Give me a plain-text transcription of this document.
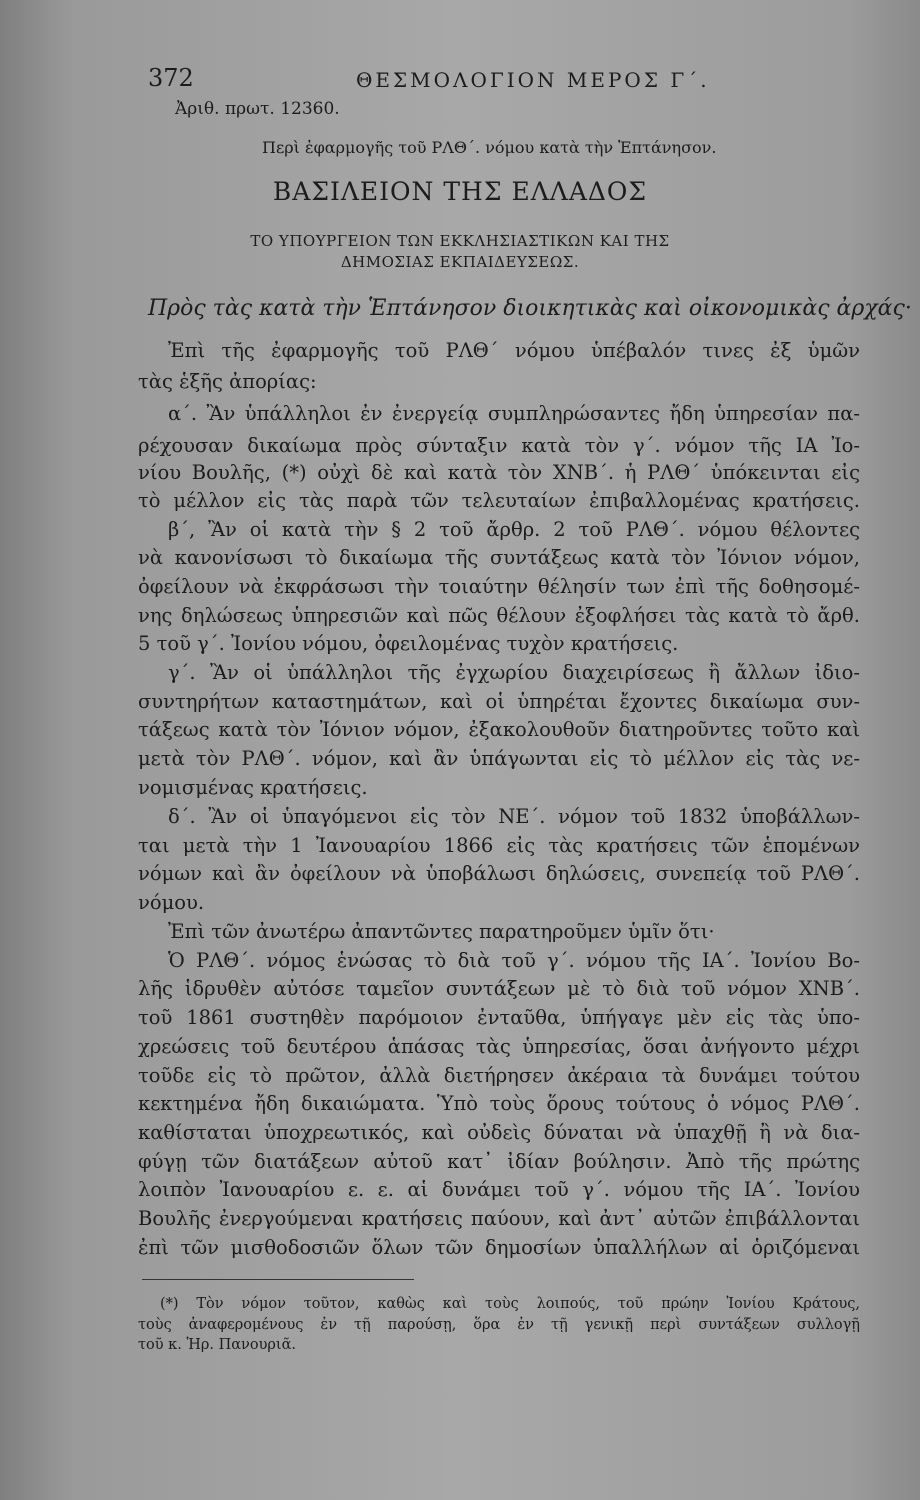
372	ΘΕΣΜΟΛΟΓΙΟΝ ΜΕΡΟΣ Γ΄.
Ἀριθ. πρωτ. 12360.
Περὶ ἐφαρμογῆς τοῦ ΡΛΘ΄. νόμου κατὰ τὴν Ἑπτάνησον.
ΒΑΣΙΛΕΙΟΝ ΤΗΣ ΕΛΛΑΔΟΣ
ΤΟ ΥΠΟΥΡΓΕΙΟΝ ΤΩΝ ΕΚΚΛΗΣΙΑΣΤΙΚΩΝ ΚΑΙ ΤΗΣ
ΔΗΜΟΣΙΑΣ ΕΚΠΑΙΔΕΥΣΕΩΣ.
Πρὸς τὰς κατὰ τὴν Ἑπτάνησον διοικητικὰς καὶ οἰκονομικὰς ἀρχάς·
Ἐπὶ τῆς ἐφαρμογῆς τοῦ ΡΛΘ΄ νόμου ὑπέβαλόν τινες ἐξ ὑμῶν
τὰς ἑξῆς ἀπορίας:
α΄. Ἂν ὑπάλληλοι ἐν ἐνεργείᾳ συμπληρώσαντες ἤδη ὑπηρεσίαν πα-
ρέχουσαν δικαίωμα πρὸς σύνταξιν κατὰ τὸν γ΄. νόμον τῆς ΙΑ Ἰο-
νίου Βουλῆς, (*) οὐχὶ δὲ καὶ κατὰ τὸν ΧΝΒ΄. ἡ ΡΛΘ΄ ὑπόκεινται εἰς
τὸ μέλλον εἰς τὰς παρὰ τῶν τελευταίων ἐπιβαλλομένας κρατήσεις.
β΄, Ἂν οἱ κατὰ τὴν § 2 τοῦ ἄρθρ. 2 τοῦ ΡΛΘ΄. νόμου θέλοντες
νὰ κανονίσωσι τὸ δικαίωμα τῆς συντάξεως κατὰ τὸν Ἰόνιον νόμον,
ὀφείλουν νὰ ἐκφράσωσι τὴν τοιαύτην θέλησίν των ἐπὶ τῆς δοθησομέ-
νης δηλώσεως ὑπηρεσιῶν καὶ πῶς θέλουν ἐξοφλήσει τὰς κατὰ τὸ ἄρθ.
5 τοῦ γ΄. Ἰονίου νόμου, ὀφειλομένας τυχὸν κρατήσεις.
γ΄. Ἂν οἱ ὑπάλληλοι τῆς ἐγχωρίου διαχειρίσεως ἢ ἄλλων ἰδιο-
συντηρήτων καταστημάτων, καὶ οἱ ὑπηρέται ἔχοντες δικαίωμα συν-
τάξεως κατὰ τὸν Ἰόνιον νόμον, ἐξακολουθοῦν διατηροῦντες τοῦτο καὶ
μετὰ τὸν ΡΛΘ΄. νόμον, καὶ ἂν ὑπάγωνται εἰς τὸ μέλλον εἰς τὰς νε-
νομισμένας κρατήσεις.
δ΄. Ἂν οἱ ὑπαγόμενοι εἰς τὸν ΝΕ΄. νόμον τοῦ 1832 ὑποβάλλων-
ται μετὰ τὴν 1 Ἰανουαρίου 1866 εἰς τὰς κρατήσεις τῶν ἑπομένων
νόμων καὶ ἂν ὀφείλουν νὰ ὑποβάλωσι δηλώσεις, συνεπείᾳ τοῦ ΡΛΘ΄.
νόμου.
Ἐπὶ τῶν ἀνωτέρω ἀπαντῶντες παρατηροῦμεν ὑμῖν ὅτι·
Ὁ ΡΛΘ΄. νόμος ἑνώσας τὸ διὰ τοῦ γ΄. νόμου τῆς ΙΑ΄. Ἰονίου Βο-
λῆς ἱδρυθὲν αὐτόσε ταμεῖον συντάξεων μὲ τὸ διὰ τοῦ νόμον ΧΝΒ΄.
τοῦ 1861 συστηθὲν παρόμοιον ἐνταῦθα, ὑπήγαγε μὲν εἰς τὰς ὑπο-
χρεώσεις τοῦ δευτέρου ἁπάσας τὰς ὑπηρεσίας, ὅσαι ἀνήγοντο μέχρι
τοῦδε εἰς τὸ πρῶτον, ἀλλὰ διετήρησεν ἀκέραια τὰ δυνάμει τούτου
κεκτημένα ἤδη δικαιώματα. Ὑπὸ τοὺς ὅρους τούτους ὁ νόμος ΡΛΘ΄.
καθίσταται ὑποχρεωτικός, καὶ οὐδεὶς δύναται νὰ ὑπαχθῇ ἢ νὰ δια-
φύγῃ τῶν διατάξεων αὐτοῦ κατ᾽ ἰδίαν βούλησιν. Ἀπὸ τῆς πρώτης
λοιπὸν Ἰανουαρίου ε. ε. αἱ δυνάμει τοῦ γ΄. νόμου τῆς ΙΑ΄. Ἰονίου
Βουλῆς ἐνεργούμεναι κρατήσεις παύουν, καὶ ἀντ᾽ αὐτῶν ἐπιβάλλονται
ἐπὶ τῶν μισθοδοσιῶν ὅλων τῶν δημοσίων ὑπαλλήλων αἱ ὁριζόμεναι
(*) Τὸν νόμον τοῦτον, καθὼς καὶ τοὺς λοιπούς, τοῦ πρώην Ἰονίου Κράτους,
τοὺς ἀναφερομένους ἐν τῇ παρούσῃ, ὅρα ἐν τῇ γενικῇ περὶ συντάξεων συλλογῇ
τοῦ κ. Ἡρ. Πανουριᾶ.
